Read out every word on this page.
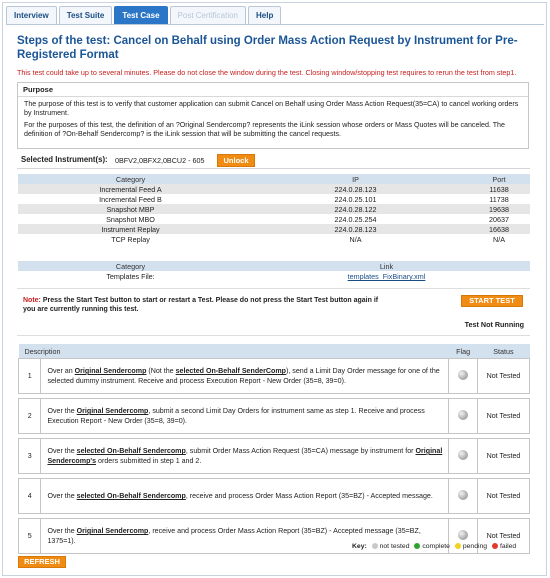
Interview	Test Suite	Test Case	Post Certification	Help
Steps of the test: Cancel on Behalf using Order Mass Action Request by Instrument for Pre-Registered Format
This test could take up to several minutes. Please do not close the window during the test. Closing window/stopping test requires to rerun the test from step1.
Purpose

The purpose of this test is to verify that customer application can submit Cancel on Behalf using Order Mass Action Request(35=CA) to cancel working orders by Instrument.

For the purposes of this test, the definition of an ?Original Sendercomp? represents the iLink session whose orders or Mass Quotes will be canceled. The definition of ?On-Behalf Sendercomp? is the iLink session that will be submitting the cancel requests.

Selected Instrument(s): 0BFV2,0BFX2,0BCU2 - 605	Unlock
Category	IP	Port
Incremental Feed A	224.0.28.123	11638
Incremental Feed B	224.0.25.101	11738
Snapshot MBP	224.0.28.122	19638
Snapshot MBO	224.0.25.254	20637
Instrument Replay	224.0.28.123	16638
TCP Replay	N/A	N/A
Category	Link
Templates File:	templates_FixBinary.xml
Note: Press the Start Test button to start or restart a Test. Please do not press the Start Test button again if you are currently running this test.
START TEST
Test Not Running
Description		Flag	Status
1	Over an Original Sendercomp (Not the selected On-Behalf SenderComp), send a Limit Day Order message for one of the selected dummy instrument. Receive and process Execution Report - New Order (35=8, 39=0).		Not Tested

2	Over the Original Sendercomp, submit a second Limit Day Orders for instrument same as step 1. Receive and process Execution Report - New Order (35=8, 39=0).		Not Tested

3	Over the selected On-Behalf Sendercomp, submit Order Mass Action Request (35=CA) message by instrument for Original Sendercomp's orders submitted in step 1 and 2.		Not Tested

4	Over the selected On-Behalf Sendercomp, receive and process Order Mass Action Report (35=BZ) - Accepted message.		Not Tested

5	Over the Original Sendercomp, receive and process Order Mass Action Report (35=BZ) - Accepted message (35=BZ, 1375=1).		Not Tested
Key: not tested complete pending failed
REFRESH
